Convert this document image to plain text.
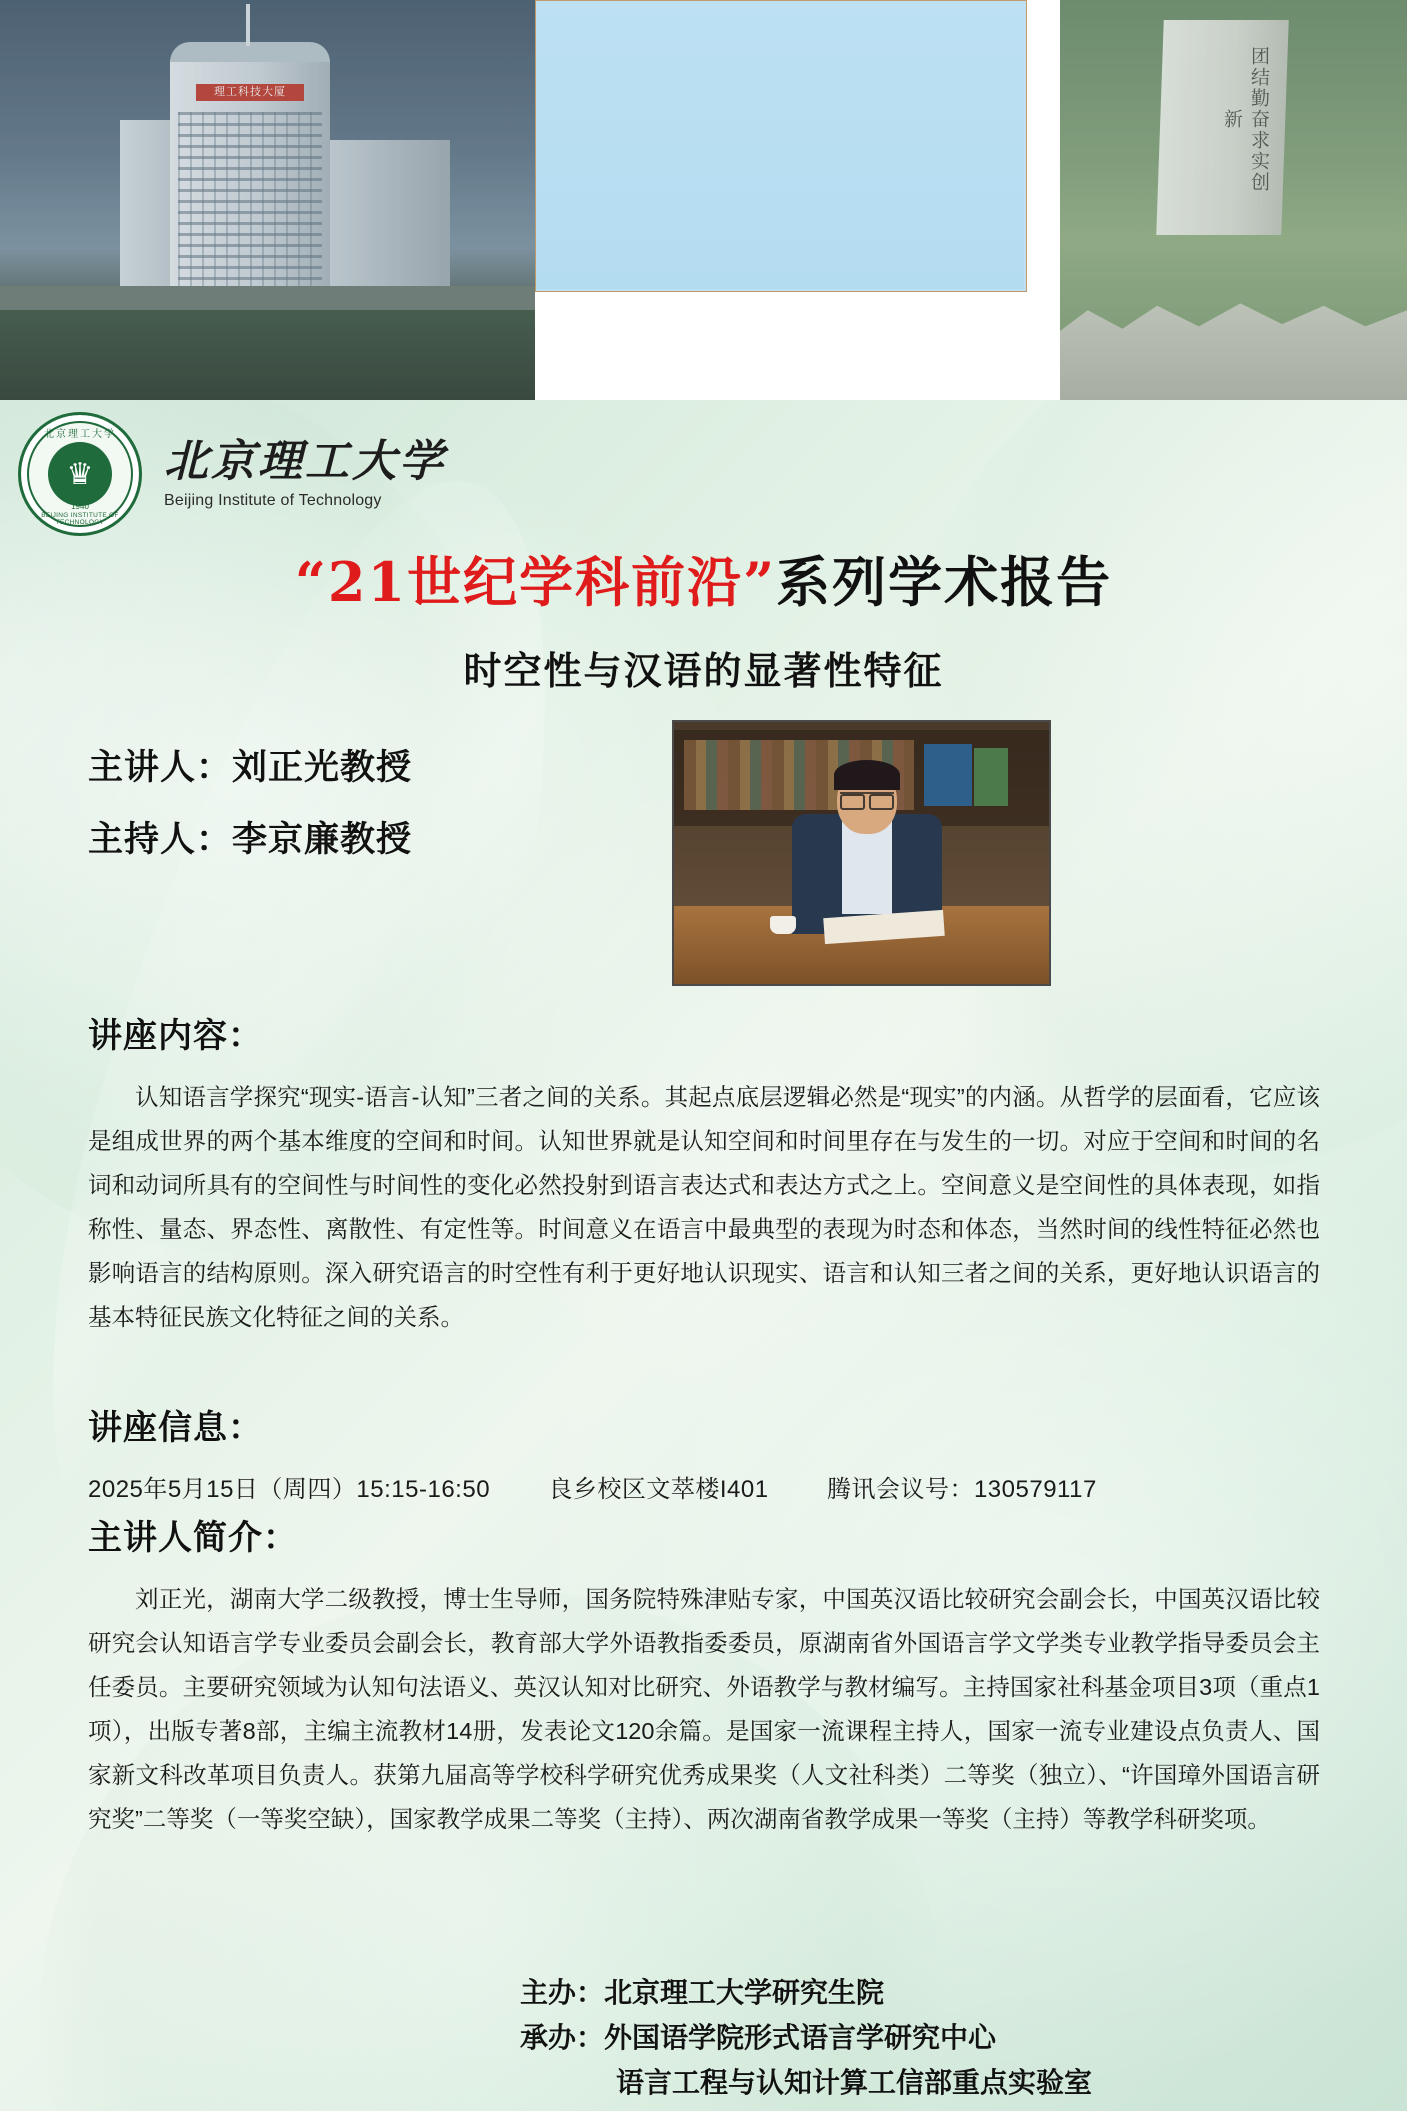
理工科技大厦	团结勤奋求实创新
北京理工大学
♛
1940
BEIJING INSTITUTE OF TECHNOLOGY
北京理工大学
Beijing Institute of Technology
“21世纪学科前沿”系列学术报告
时空性与汉语的显著性特征
主讲人：刘正光教授
主持人：李京廉教授
讲座内容：

认知语言学探究“现实-语言-认知”三者之间的关系。其起点底层逻辑必然是“现实”的内涵。从哲学的层面看，它应该是组成世界的两个基本维度的空间和时间。认知世界就是认知空间和时间里存在与发生的一切。对应于空间和时间的名词和动词所具有的空间性与时间性的变化必然投射到语言表达式和表达方式之上。空间意义是空间性的具体表现，如指称性、量态、界态性、离散性、有定性等。时间意义在语言中最典型的表现为时态和体态，当然时间的线性特征必然也影响语言的结构原则。深入研究语言的时空性有利于更好地认识现实、语言和认知三者之间的关系，更好地认识语言的基本特征民族文化特征之间的关系。

讲座信息：
2025年5月15日（周四）15:15-16:50 良乡校区文萃楼I401 腾讯会议号：130579117
主讲人简介：

刘正光，湖南大学二级教授，博士生导师，国务院特殊津贴专家，中国英汉语比较研究会副会长，中国英汉语比较研究会认知语言学专业委员会副会长，教育部大学外语教指委委员，原湖南省外国语言学文学类专业教学指导委员会主任委员。主要研究领域为认知句法语义、英汉认知对比研究、外语教学与教材编写。主持国家社科基金项目3项（重点1项），出版专著8部，主编主流教材14册，发表论文120余篇。是国家一流课程主持人，国家一流专业建设点负责人、国家新文科改革项目负责人。获第九届高等学校科学研究优秀成果奖（人文社科类）二等奖（独立）、“许国璋外国语言研究奖”二等奖（一等奖空缺），国家教学成果二等奖（主持）、两次湖南省教学成果一等奖（主持）等教学科研奖项。

主办：北京理工大学研究生院
承办：外国语学院形式语言学研究中心
语言工程与认知计算工信部重点实验室
